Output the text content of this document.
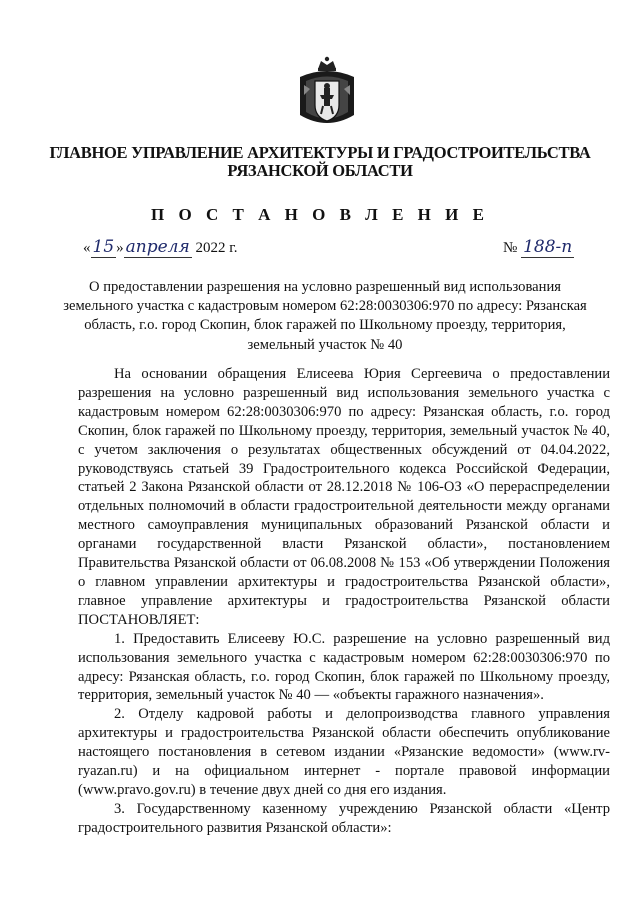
ГЛАВНОЕ УПРАВЛЕНИЕ АРХИТЕКТУРЫ И ГРАДОСТРОИТЕЛЬСТВА
РЯЗАНСКОЙ ОБЛАСТИ
П О С Т А Н О В Л Е Н И Е
« 15 » апреля 2022 г.	№ 188-п
О предоставлении разрешения на условно разрешенный вид использования земельного участка с кадастровым номером 62:28:0030306:970 по адресу: Рязанская область, г.о. город Скопин, блок гаражей по Школьному проезду, территория, земельный участок № 40

На основании обращения Елисеева Юрия Сергеевича о предоставлении разрешения на условно разрешенный вид использования земельного участка с кадастровым номером 62:28:0030306:970 по адресу: Рязанская область, г.о. город Скопин, блок гаражей по Школьному проезду, территория, земельный участок № 40, с учетом заключения о результатах общественных обсуждений от 04.04.2022, руководствуясь статьей 39 Градостроительного кодекса Российской Федерации, статьей 2 Закона Рязанской области от 28.12.2018 № 106-ОЗ «О перераспределении отдельных полномочий в области градостроительной деятельности между органами местного самоуправления муниципальных образований Рязанской области и органами государственной власти Рязанской области», постановлением Правительства Рязанской области от 06.08.2008 № 153 «Об утверждении Положения о главном управлении архитектуры и градостроительства Рязанской области», главное управление архитектуры и градостроительства Рязанской области ПОСТАНОВЛЯЕТ:

1. Предоставить Елисееву Ю.С. разрешение на условно разрешенный вид использования земельного участка с кадастровым номером 62:28:0030306:970 по адресу: Рязанская область, г.о. город Скопин, блок гаражей по Школьному проезду, территория, земельный участок № 40 — «объекты гаражного назначения».

2. Отделу кадровой работы и делопроизводства главного управления архитектуры и градостроительства Рязанской области обеспечить опубликование настоящего постановления в сетевом издании «Рязанские ведомости» (www.rv-ryazan.ru) и на официальном интернет - портале правовой информации (www.pravo.gov.ru) в течение двух дней со дня его издания.

3. Государственному казенному учреждению Рязанской области «Центр градостроительного развития Рязанской области»:
